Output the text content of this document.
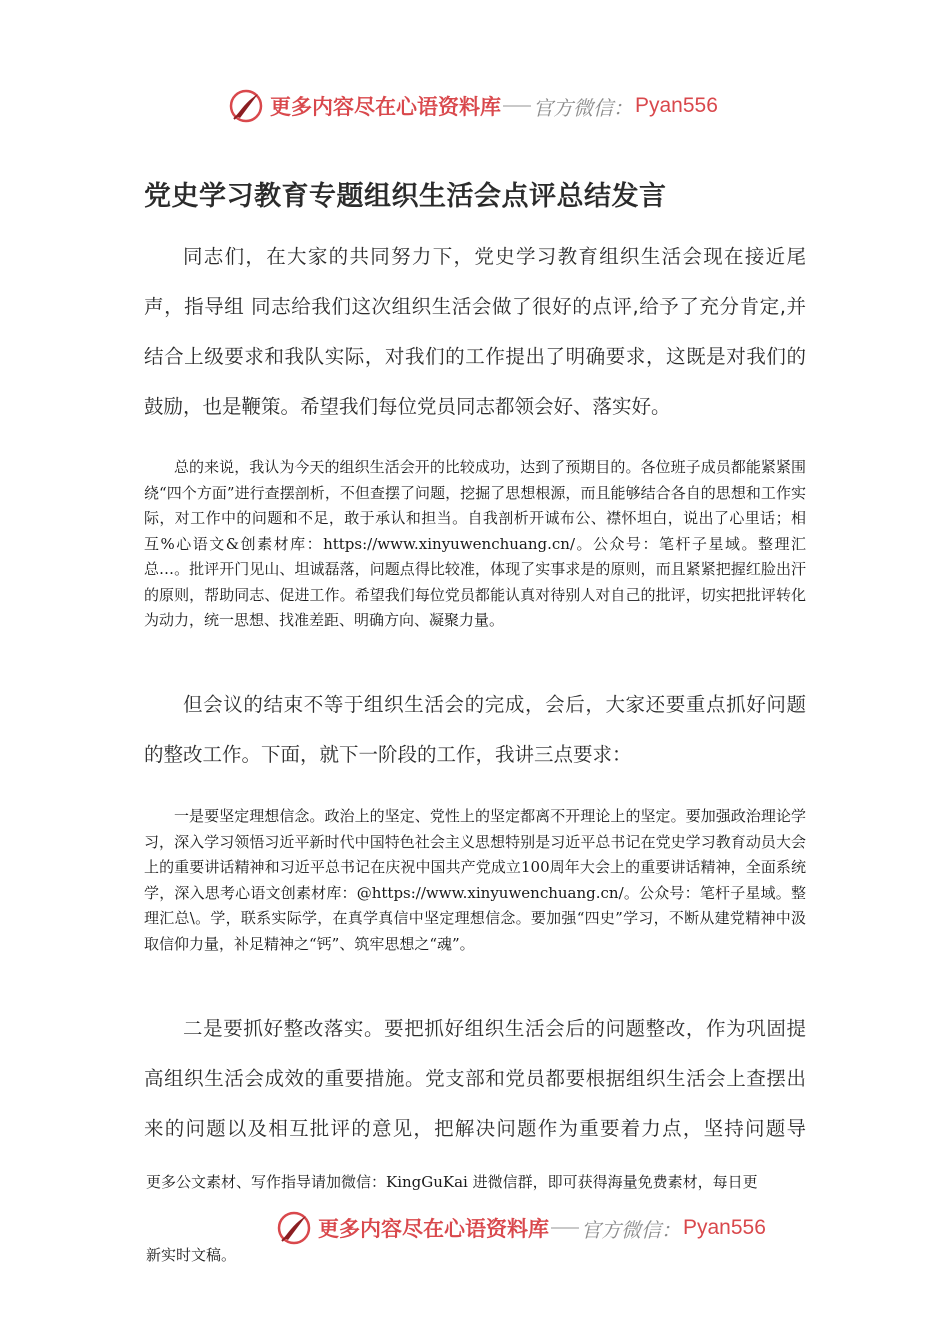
更多内容尽在心语资料库 官方微信： Pyan556
党史学习教育专题组织生活会点评总结发言

同志们，在大家的共同努力下，党史学习教育组织生活会现在接近尾声，指导组 同志给我们这次组织生活会做了很好的点评,给予了充分肯定,并结合上级要求和我队实际，对我们的工作提出了明确要求，这既是对我们的鼓励，也是鞭策。希望我们每位党员同志都领会好、落实好。

总的来说，我认为今天的组织生活会开的比较成功，达到了预期目的。各位班子成员都能紧紧围绕“四个方面”进行查摆剖析，不但查摆了问题，挖掘了思想根源，而且能够结合各自的思想和工作实际，对工作中的问题和不足，敢于承认和担当。自我剖析开诚布公、襟怀坦白，说出了心里话；相互%心语文&创素材库：https://www.xinyuwenchuang.cn/。公众号：笔杆子星域。整理汇总…。批评开门见山、坦诚磊落，问题点得比较准，体现了实事求是的原则，而且紧紧把握红脸出汗的原则，帮助同志、促进工作。希望我们每位党员都能认真对待别人对自己的批评，切实把批评转化为动力，统一思想、找准差距、明确方向、凝聚力量。

但会议的结束不等于组织生活会的完成，会后，大家还要重点抓好问题的整改工作。下面，就下一阶段的工作，我讲三点要求：

一是要坚定理想信念。政治上的坚定、党性上的坚定都离不开理论上的坚定。要加强政治理论学习，深入学习领悟习近平新时代中国特色社会主义思想特别是习近平总书记在党史学习教育动员大会上的重要讲话精神和习近平总书记在庆祝中国共产党成立100周年大会上的重要讲话精神，全面系统学，深入思考心语文创素材库：@https://www.xinyuwenchuang.cn/。公众号：笔杆子星域。整理汇总\。学，联系实际学，在真学真信中坚定理想信念。要加强“四史”学习，不断从建党精神中汲取信仰力量，补足精神之“钙”、筑牢思想之“魂”。

二是要抓好整改落实。要把抓好组织生活会后的问题整改，作为巩固提高组织生活会成效的重要措施。党支部和党员都要根据组织生活会上查摆出来的问题以及相互批评的意见，把解决问题作为重要着力点，坚持问题导

更多公文素材、写作指导请加微信：KingGuKai 进微信群，即可获得海量免费素材，每日更

更多内容尽在心语资料库 官方微信： Pyan556

新实时文稿。
